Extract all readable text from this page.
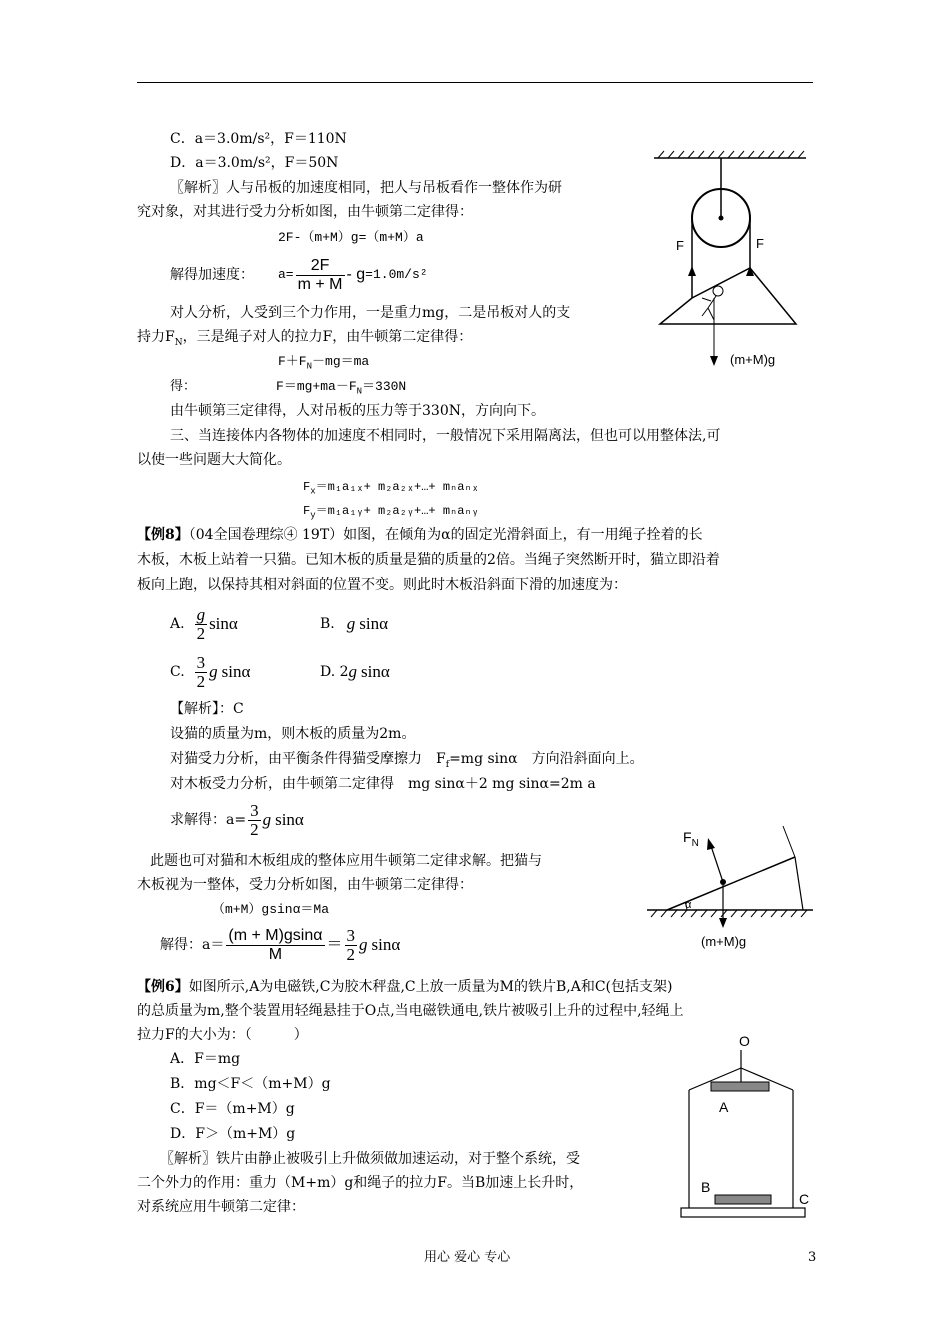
C．a＝3.0m/s²，F＝110N
D．a＝3.0m/s²，F＝50N
〖解析〗人与吊板的加速度相同，把人与吊板看作一整体作为研
究对象，对其进行受力分析如图，由牛顿第二定律得：
2F-（m+M）g=（m+M）a
解得加速度： $a= \frac{2F}{m + M} - g =1.0m/s^2$
对人分析，人受到三个力作用，一是重力mg，二是吊板对人的支
持力$F_N$，三是绳子对人的拉力F，由牛顿第二定律得：
$F+F_N-mg=ma$
得：	$F=mg+ma-F_N=330N$
由牛顿第三定律得，人对吊板的压力等于330N，方向向下。
三、当连接体内各物体的加速度不相同时，一般情况下采用隔离法，但也可以用整体法,可
以使一些问题大大简化。
$F_x=m_1a_{1x}+$ m₂a₂ₓ+…+ mₙaₙₓ
$F_y=m_1a_1ᵧ+$ m₂a₂ᵧ+…+ mₙaₙᵧ
【例8】（04全国卷理综④ 19T）如图，在倾角为α的固定光滑斜面上，有一用绳子拴着的长
木板，木板上站着一只猫。已知木板的质量是猫的质量的2倍。当绳子突然断开时，猫立即沿着
板向上跑，以保持其相对斜面的位置不变。则此时木板沿斜面下滑的加速度为：
A. $\frac{g}{2}$ sinα	B. g sinα
C. $\frac{3}{2}$ g sinα	D. 2 g sinα
【解析】：C
设猫的质量为m，则木板的质量为2m。
对猫受力分析，由平衡条件得猫受摩擦力　$F_f=mg$ sinα　方向沿斜面向上。
对木板受力分析，由牛顿第二定律得　mg sinα＋2 mg sinα=2m a
求解得：$a= \frac{3}{2}$ g sinα
此题也可对猫和木板组成的整体应用牛顿第二定律求解。把猫与
木板视为一整体，受力分析如图，由牛顿第二定律得：
（m+M）gsinα＝Ma
解得：$a= \frac{(m + M)gsin\alpha}{M} = \frac{3}{2}$ g sinα
【例6】如图所示,A为电磁铁,C为胶木秤盘,C上放一质量为M的铁片B,A和C(包括支架)
的总质量为m,整个装置用轻绳悬挂于O点,当电磁铁通电,铁片被吸引上升的过程中,轻绳上
拉力F的大小为：（　　　）
A．F＝mg
B．mg＜F＜（m+M）g
C．F＝（m+M）g
D．F＞（m+M）g
〖解析〗铁片由静止被吸引上升做须做加速运动，对于整个系统，受
二个外力的作用：重力（M+m）g和绳子的拉力F。当B加速上长升时，
对系统应用牛顿第二定律：
F	F
(m+M)g
α
$F_N$
(m+M)g
O
A
B
C
用心 爱心 专心	3
